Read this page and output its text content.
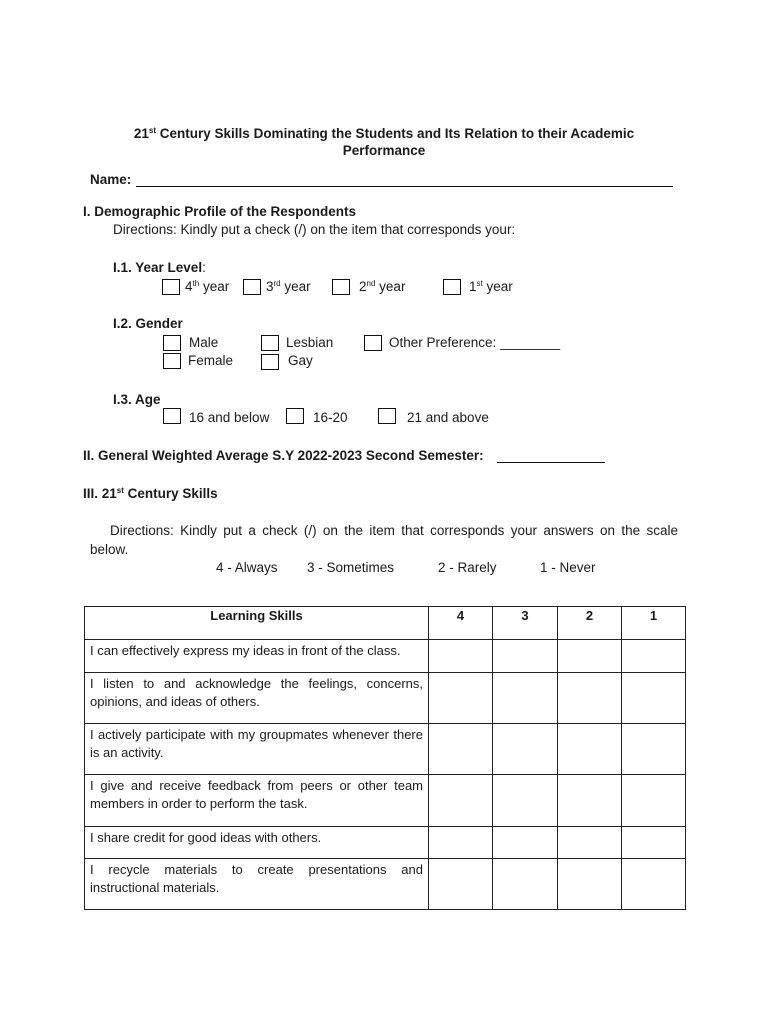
21st Century Skills Dominating the Students and Its Relation to their Academic
Performance
Name:
I. Demographic Profile of the Respondents
Directions: Kindly put a check (/) on the item that corresponds your:
I.1. Year Level:
4th year	3rd year	2nd year	1st year
I.2. Gender
Male	Lesbian	Other Preference: ________
Female	Gay
I.3. Age
16 and below	16-20	21 and above
II. General Weighted Average S.Y 2022-2023 Second Semester:
III. 21st Century Skills
Directions: Kindly put a check (/) on the item that corresponds your answers on the scale
below.
4 - Always 3 - Sometimes	2 - Rarely	1 - Never
Learning Skills	4	3	2	1
I can effectively express my ideas in front of the class.				
I listen to and acknowledge the feelings, concerns, opinions, and ideas of others.				
I actively participate with my groupmates whenever there is an activity.				
I give and receive feedback from peers or other team members in order to perform the task.				
I share credit for good ideas with others.				
I recycle materials to create presentations and instructional materials.				
